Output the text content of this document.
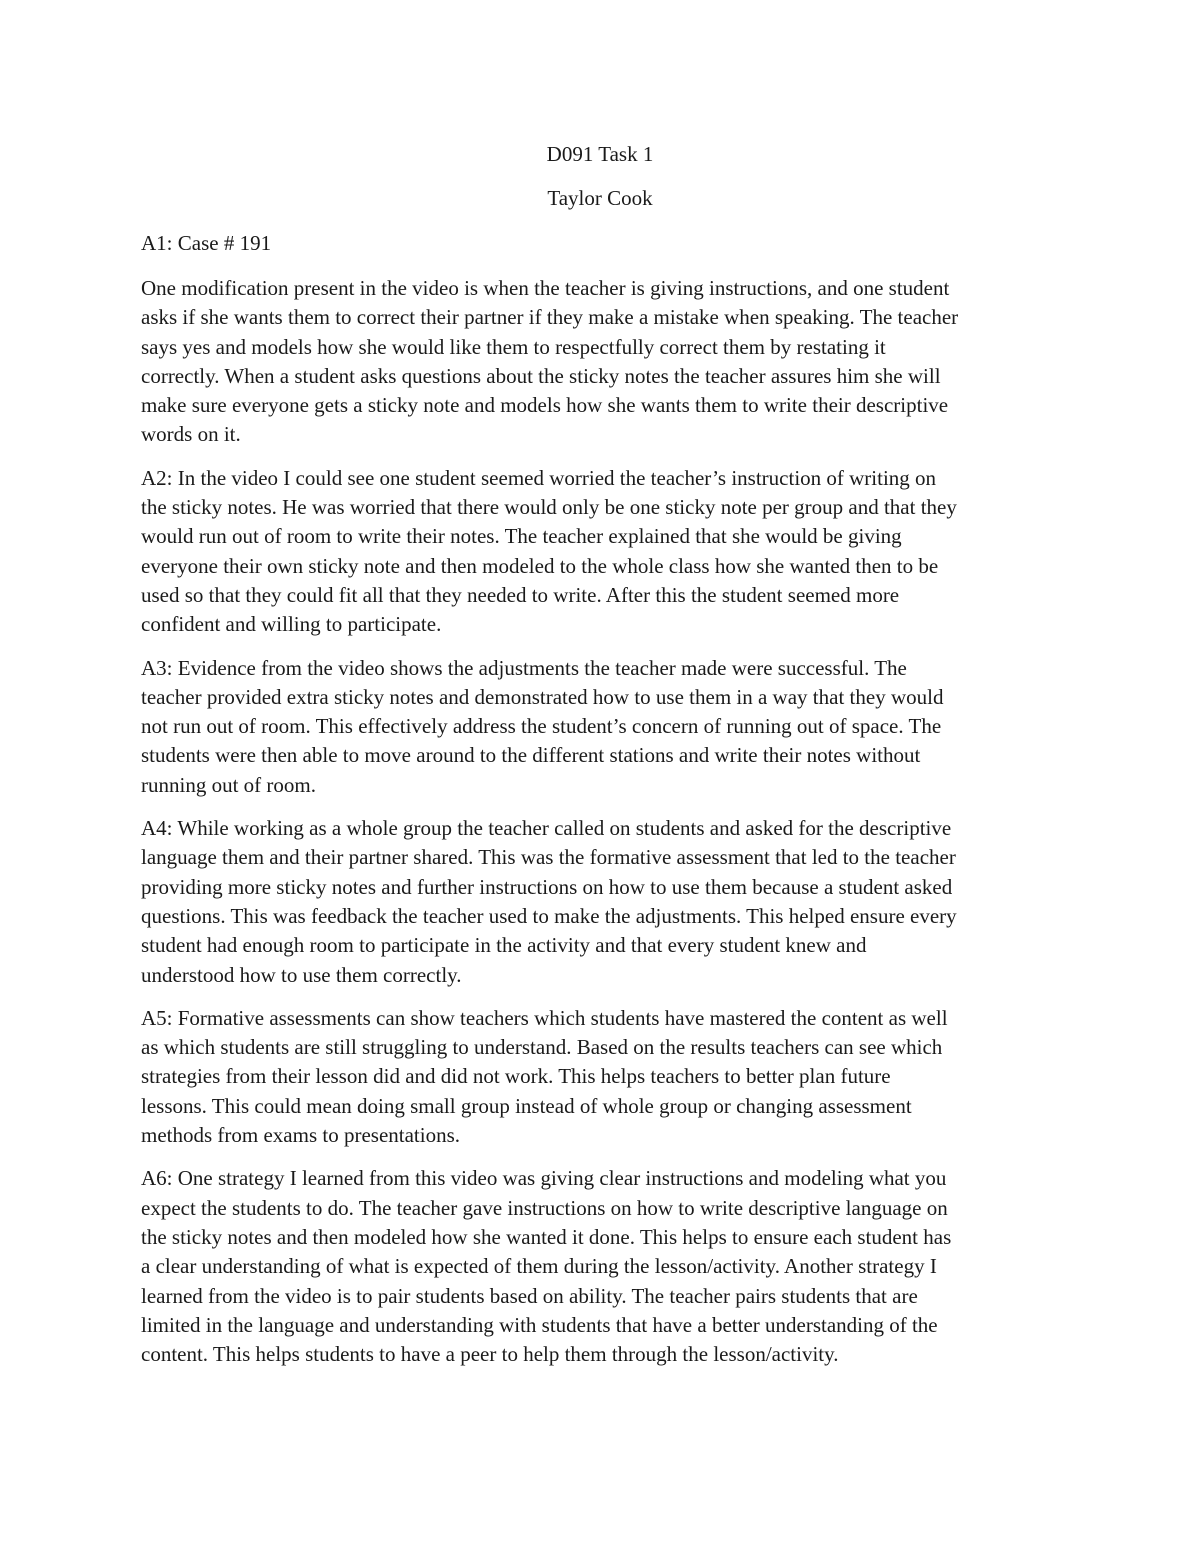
D091 Task 1

Taylor Cook

A1: Case # 191

One modification present in the video is when the teacher is giving instructions, and one student
asks if she wants them to correct their partner if they make a mistake when speaking. The teacher
says yes and models how she would like them to respectfully correct them by restating it
correctly. When a student asks questions about the sticky notes the teacher assures him she will
make sure everyone gets a sticky note and models how she wants them to write their descriptive
words on it.

A2: In the video I could see one student seemed worried the teacher’s instruction of writing on
the sticky notes. He was worried that there would only be one sticky note per group and that they
would run out of room to write their notes. The teacher explained that she would be giving
everyone their own sticky note and then modeled to the whole class how she wanted then to be
used so that they could fit all that they needed to write. After this the student seemed more
confident and willing to participate.

A3: Evidence from the video shows the adjustments the teacher made were successful. The
teacher provided extra sticky notes and demonstrated how to use them in a way that they would
not run out of room. This effectively address the student’s concern of running out of space. The
students were then able to move around to the different stations and write their notes without
running out of room.

A4: While working as a whole group the teacher called on students and asked for the descriptive
language them and their partner shared. This was the formative assessment that led to the teacher
providing more sticky notes and further instructions on how to use them because a student asked
questions. This was feedback the teacher used to make the adjustments. This helped ensure every
student had enough room to participate in the activity and that every student knew and
understood how to use them correctly.

A5: Formative assessments can show teachers which students have mastered the content as well
as which students are still struggling to understand. Based on the results teachers can see which
strategies from their lesson did and did not work. This helps teachers to better plan future
lessons. This could mean doing small group instead of whole group or changing assessment
methods from exams to presentations.

A6: One strategy I learned from this video was giving clear instructions and modeling what you
expect the students to do. The teacher gave instructions on how to write descriptive language on
the sticky notes and then modeled how she wanted it done. This helps to ensure each student has
a clear understanding of what is expected of them during the lesson/activity. Another strategy I
learned from the video is to pair students based on ability. The teacher pairs students that are
limited in the language and understanding with students that have a better understanding of the
content. This helps students to have a peer to help them through the lesson/activity.
